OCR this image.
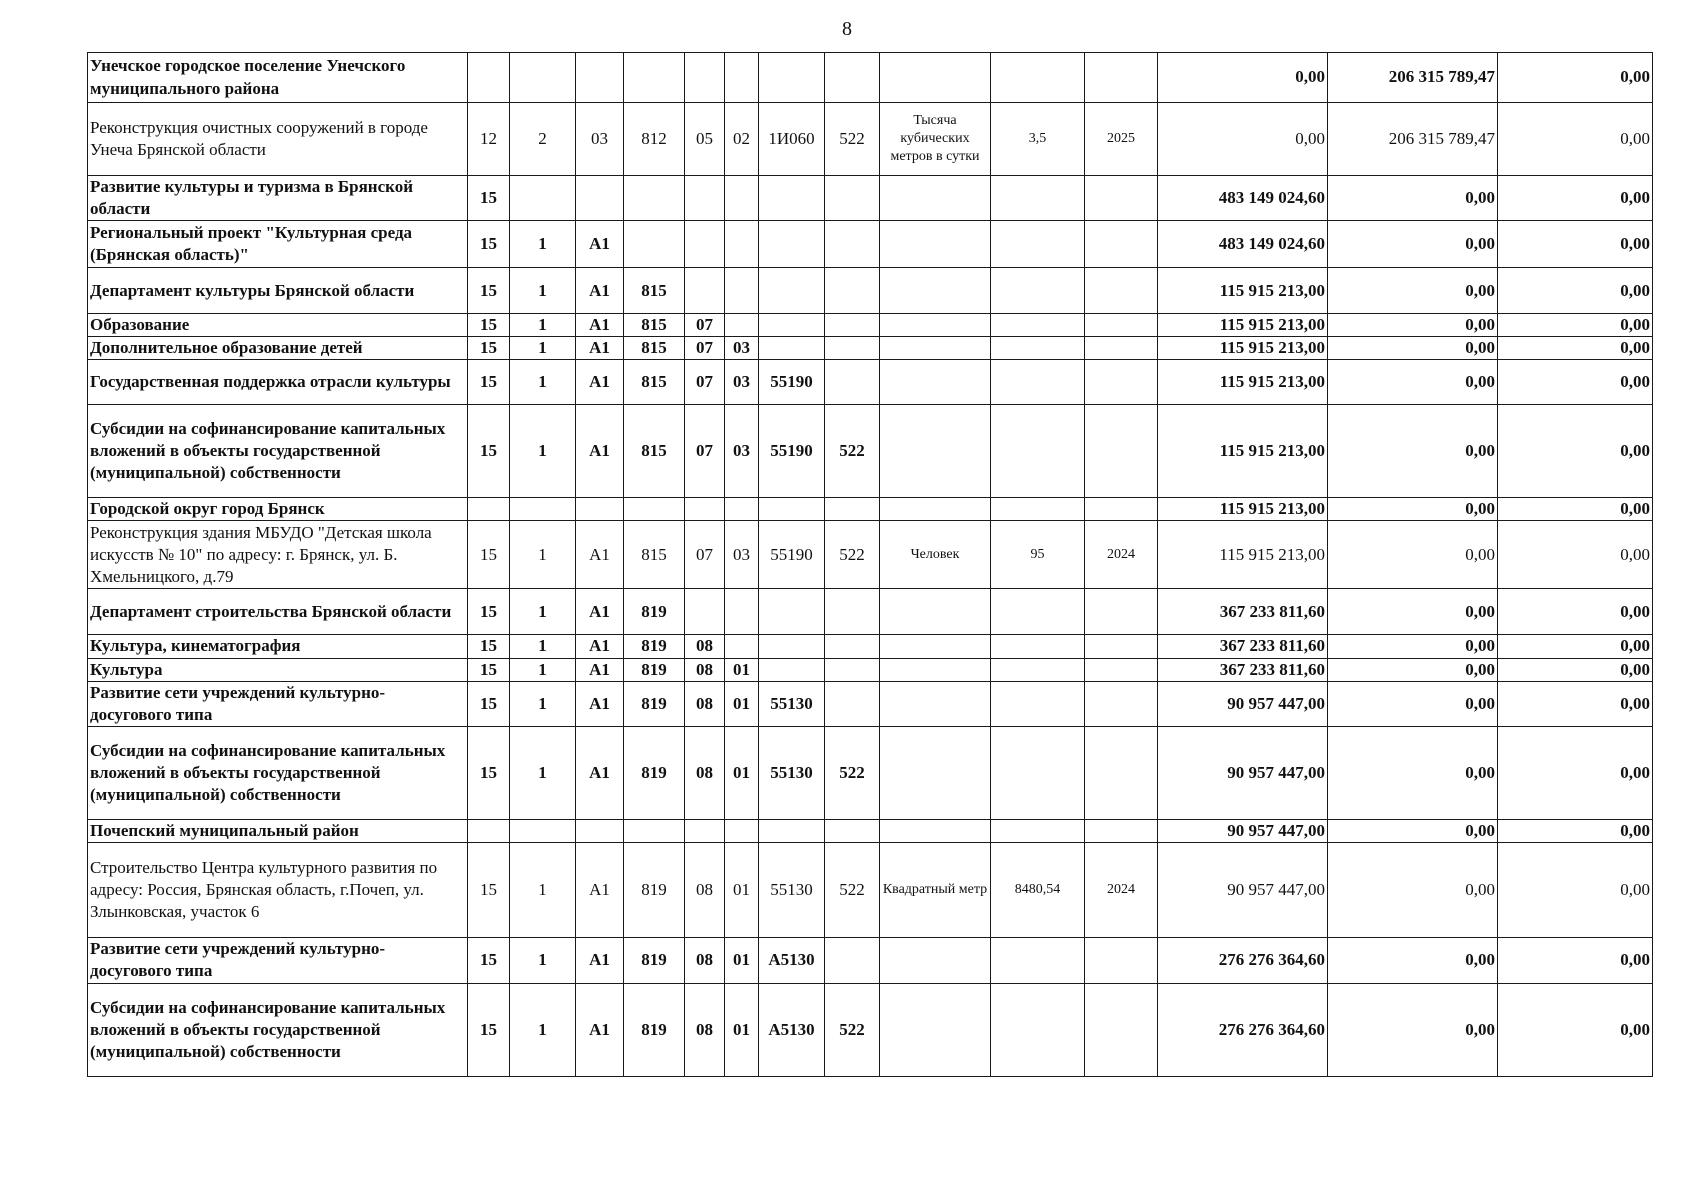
8
Унечское городское поселение Унечского муниципального района												0,00	206 315 789,47	0,00
Реконструкция очистных сооружений в городе Унеча Брянской области	12	2	03	812	05	02	1И060	522	Тысяча кубических метров в сутки	3,5	2025	0,00	206 315 789,47	0,00
Развитие культуры и туризма в Брянской области	15											483 149 024,60	0,00	0,00
Региональный проект "Культурная среда (Брянская область)"	15	1	А1									483 149 024,60	0,00	0,00
Департамент культуры Брянской области	15	1	А1	815								115 915 213,00	0,00	0,00
Образование	15	1	А1	815	07							115 915 213,00	0,00	0,00
Дополнительное образование детей	15	1	А1	815	07	03						115 915 213,00	0,00	0,00
Государственная поддержка отрасли культуры	15	1	А1	815	07	03	55190					115 915 213,00	0,00	0,00
Субсидии на софинансирование капитальных вложений в объекты государственной (муниципальной) собственности	15	1	А1	815	07	03	55190	522				115 915 213,00	0,00	0,00
Городской округ город Брянск												115 915 213,00	0,00	0,00
Реконструкция здания МБУДО "Детская школа искусств № 10" по адресу: г. Брянск, ул. Б. Хмельницкого, д.79	15	1	А1	815	07	03	55190	522	Человек	95	2024	115 915 213,00	0,00	0,00
Департамент строительства Брянской области	15	1	А1	819								367 233 811,60	0,00	0,00
Культура, кинематография	15	1	А1	819	08							367 233 811,60	0,00	0,00
Культура	15	1	А1	819	08	01						367 233 811,60	0,00	0,00
Развитие сети учреждений культурно-досугового типа	15	1	А1	819	08	01	55130					90 957 447,00	0,00	0,00
Субсидии на софинансирование капитальных вложений в объекты государственной (муниципальной) собственности	15	1	А1	819	08	01	55130	522				90 957 447,00	0,00	0,00
Почепский муниципальный район												90 957 447,00	0,00	0,00
Строительство Центра культурного развития по адресу: Россия, Брянская область, г.Почеп, ул. Злынковская, участок 6	15	1	А1	819	08	01	55130	522	Квадратный метр	8480,54	2024	90 957 447,00	0,00	0,00
Развитие сети учреждений культурно-досугового типа	15	1	А1	819	08	01	А5130					276 276 364,60	0,00	0,00
Субсидии на софинансирование капитальных вложений в объекты государственной (муниципальной) собственности	15	1	А1	819	08	01	А5130	522				276 276 364,60	0,00	0,00
